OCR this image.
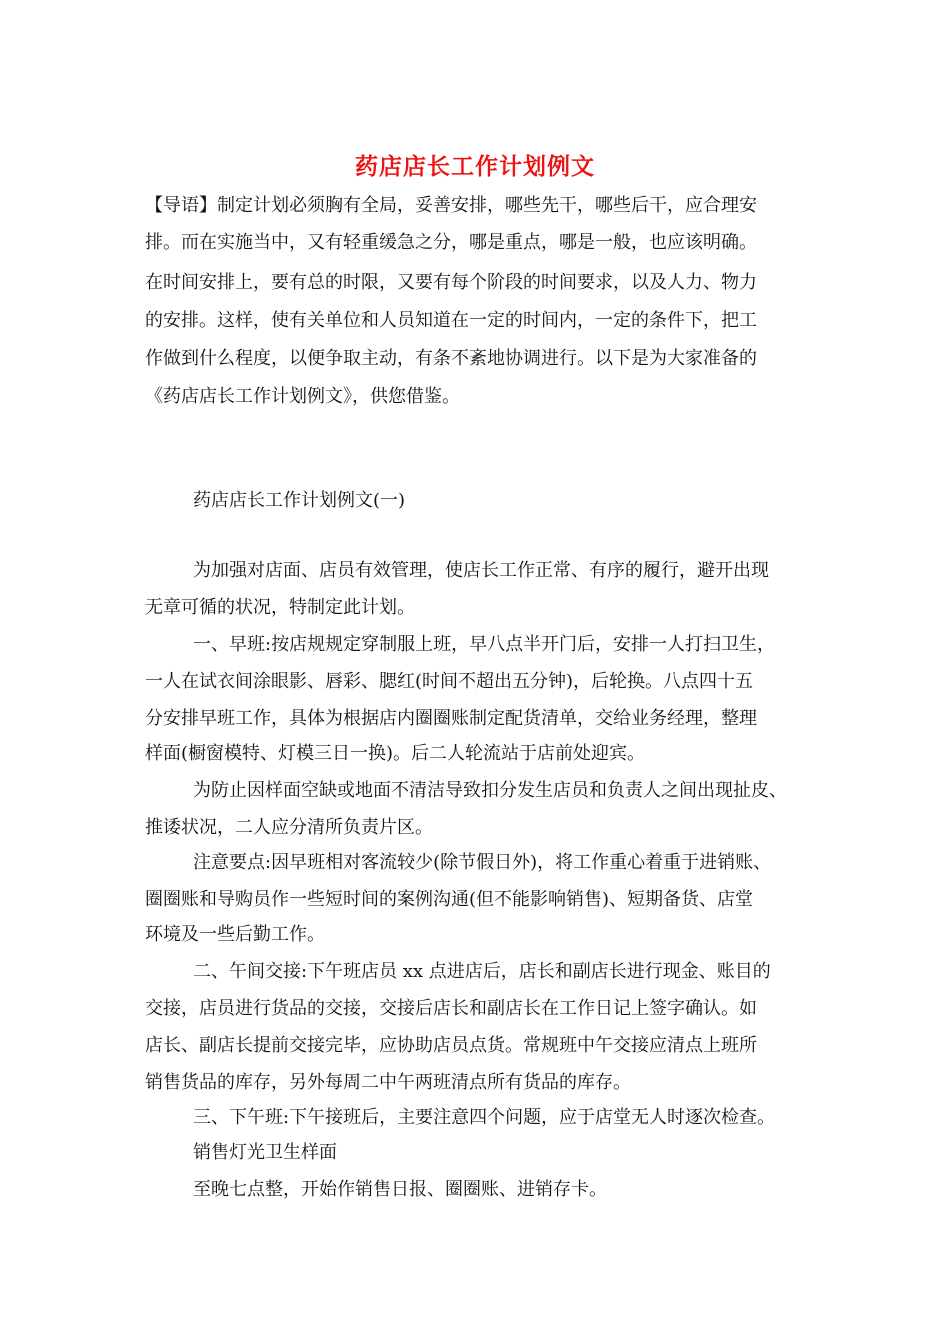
药店店长工作计划例文
【导语】制定计划必须胸有全局，妥善安排，哪些先干，哪些后干，应合理安
排。而在实施当中，又有轻重缓急之分，哪是重点，哪是一般，也应该明确。
在时间安排上，要有总的时限，又要有每个阶段的时间要求，以及人力、物力
的安排。这样，使有关单位和人员知道在一定的时间内，一定的条件下，把工
作做到什么程度，以便争取主动，有条不紊地协调进行。以下是为大家准备的
《药店店长工作计划例文》，供您借鉴。
药店店长工作计划例文(一)
为加强对店面、店员有效管理，使店长工作正常、有序的履行，避开出现
无章可循的状况，特制定此计划。
一、早班:按店规规定穿制服上班，早八点半开门后，安排一人打扫卫生，
一人在试衣间涂眼影、唇彩、腮红(时间不超出五分钟)，后轮换。八点四十五
分安排早班工作，具体为根据店内圈圈账制定配货清单，交给业务经理，整理
样面(橱窗模特、灯模三日一换)。后二人轮流站于店前处迎宾。
为防止因样面空缺或地面不清洁导致扣分发生店员和负责人之间出现扯皮、
推诿状况，二人应分清所负责片区。
注意要点:因早班相对客流较少(除节假日外)，将工作重心着重于进销账、
圈圈账和导购员作一些短时间的案例沟通(但不能影响销售)、短期备货、店堂
环境及一些后勤工作。
二、午间交接:下午班店员 xx 点进店后，店长和副店长进行现金、账目的
交接，店员进行货品的交接，交接后店长和副店长在工作日记上签字确认。如
店长、副店长提前交接完毕，应协助店员点货。常规班中午交接应清点上班所
销售货品的库存，另外每周二中午两班清点所有货品的库存。
三、下午班:下午接班后，主要注意四个问题，应于店堂无人时逐次检查。
销售灯光卫生样面
至晚七点整，开始作销售日报、圈圈账、进销存卡。
